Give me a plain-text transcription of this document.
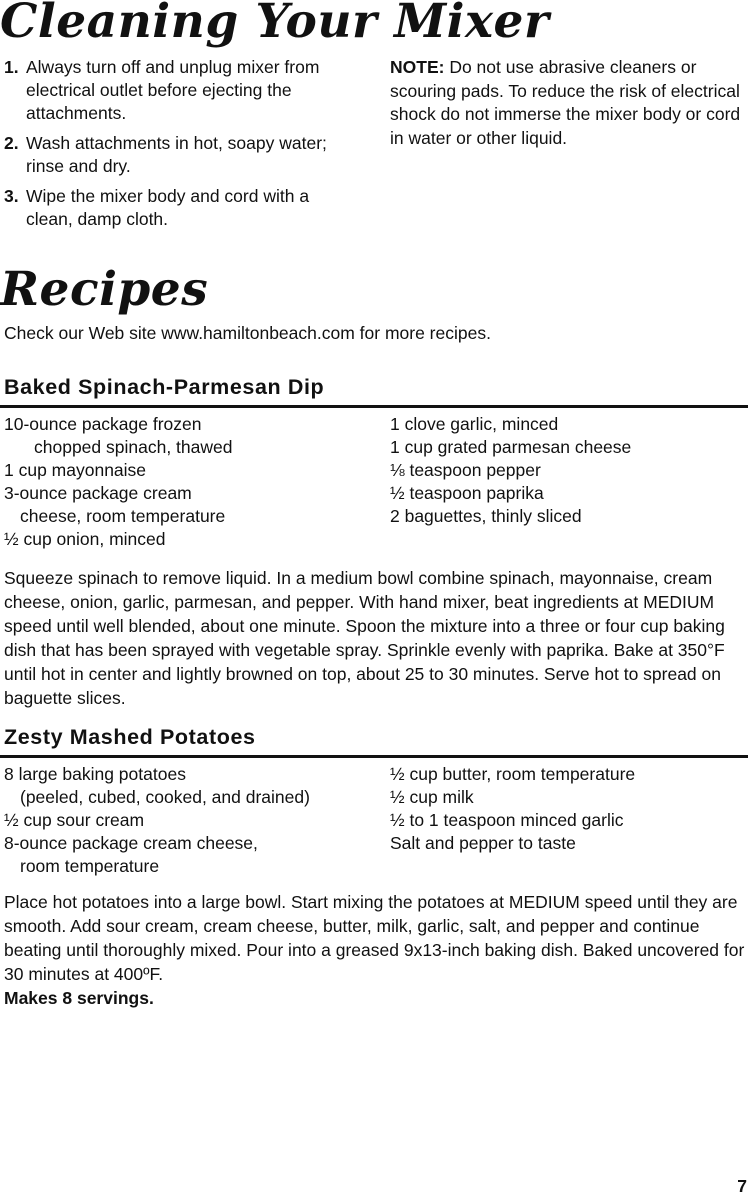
Cleaning Your Mixer
1. Always turn off and unplug mixer from electrical outlet before ejecting the attachments.
2. Wash attachments in hot, soapy water; rinse and dry.
3. Wipe the mixer body and cord with a clean, damp cloth.

NOTE: Do not use abrasive cleaners or scouring pads. To reduce the risk of electrical shock do not immerse the mixer body or cord in water or other liquid.

Recipes

Check our Web site www.hamiltonbeach.com for more recipes.

Baked Spinach-Parmesan Dip
10-ounce package frozen
chopped spinach, thawed
1 cup mayonnaise
3-ounce package cream
cheese, room temperature
½ cup onion, minced
1 clove garlic, minced
1 cup grated parmesan cheese
⅛ teaspoon pepper
½ teaspoon paprika
2 baguettes, thinly sliced

Squeeze spinach to remove liquid. In a medium bowl combine spinach, mayonnaise, cream cheese, onion, garlic, parmesan, and pepper. With hand mixer, beat ingredients at MEDIUM speed until well blended, about one minute. Spoon the mixture into a three or four cup baking dish that has been sprayed with vegetable spray. Sprinkle evenly with paprika. Bake at 350°F until hot in center and lightly browned on top, about 25 to 30 minutes. Serve hot to spread on baguette slices.

Zesty Mashed Potatoes
8 large baking potatoes
(peeled, cubed, cooked, and drained)
½ cup sour cream
8-ounce package cream cheese,
room temperature
½ cup butter, room temperature
½ cup milk
½ to 1 teaspoon minced garlic
Salt and pepper to taste

Place hot potatoes into a large bowl. Start mixing the potatoes at MEDIUM speed until they are smooth. Add sour cream, cream cheese, butter, milk, garlic, salt, and pepper and continue beating until thoroughly mixed. Pour into a greased 9x13-inch baking dish. Baked uncovered for 30 minutes at 400ºF.

Makes 8 servings.

7
